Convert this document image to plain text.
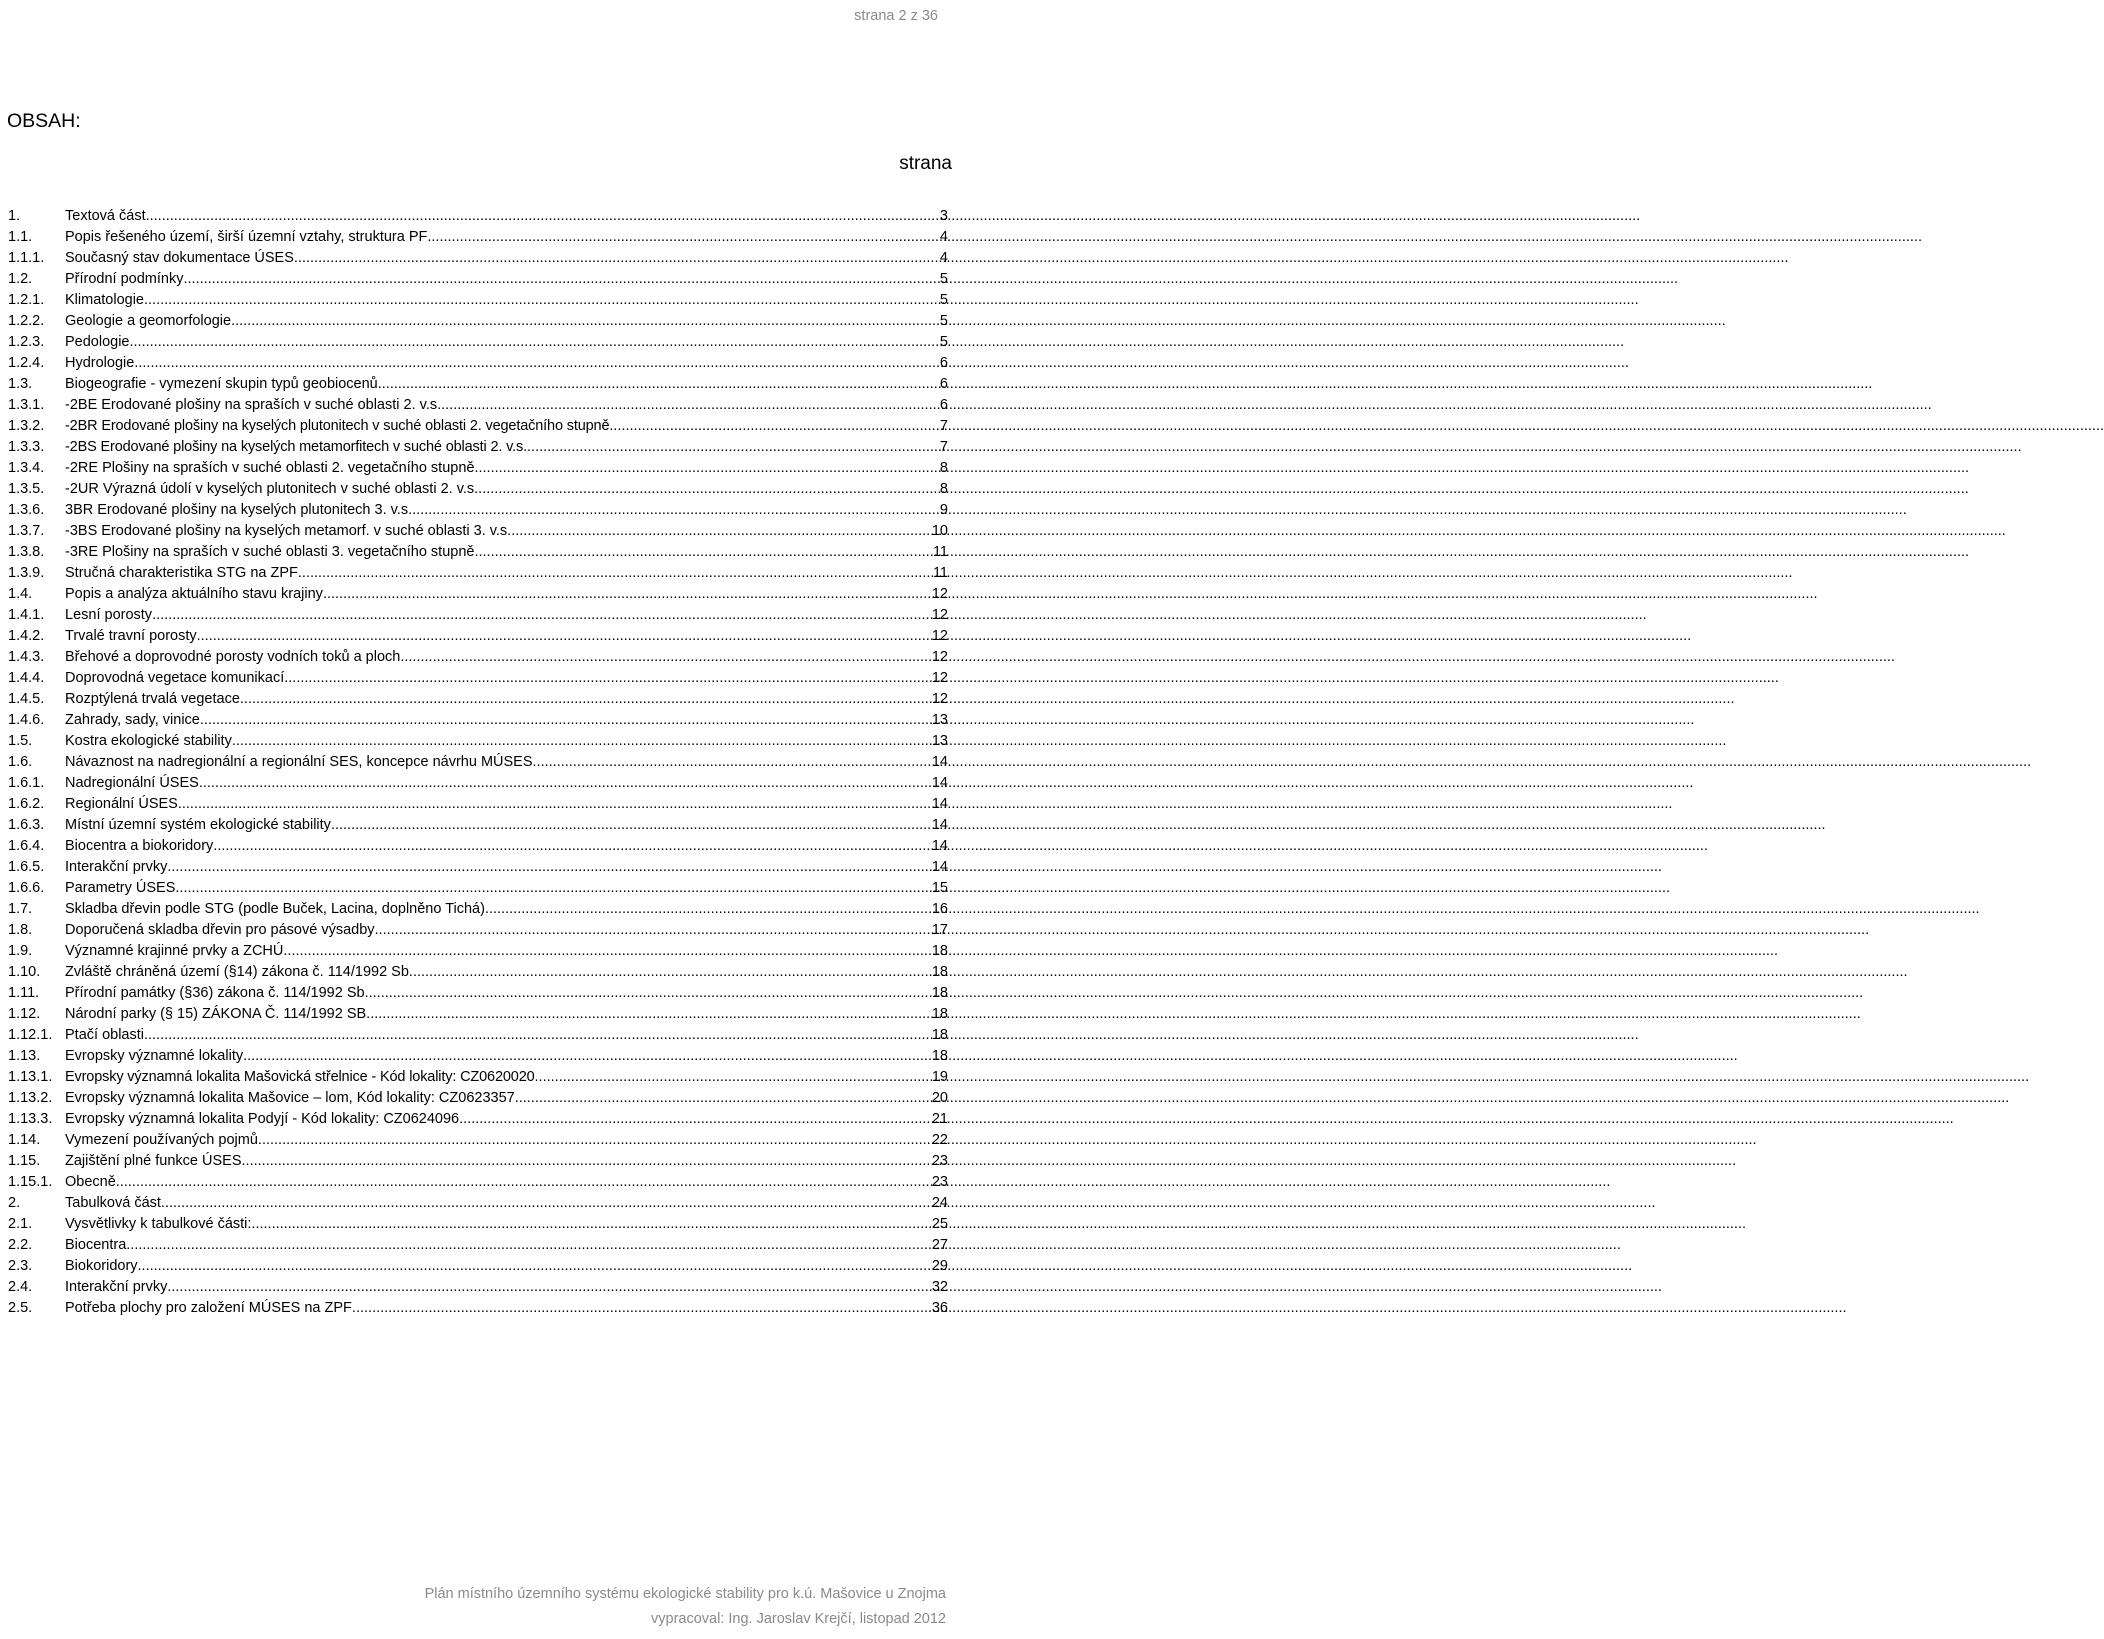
strana 2 z 36
OBSAH:
strana
1.	Textová část .....	3
1.1.	Popis řešeného území, širší územní vztahy, struktura PF .....	4
1.1.1.	Současný stav dokumentace ÚSES .....	4
1.2.	Přírodní podmínky .....	5
1.2.1.	Klimatologie .....	5
1.2.2.	Geologie a geomorfologie .....	5
1.2.3.	Pedologie .....	5
1.2.4.	Hydrologie .....	6
1.3.	Biogeografie - vymezení skupin typů geobiocenů .....	6
1.3.1.	-2BE Erodované plošiny na spraších v suché oblasti 2. v.s .....	6
1.3.2.	-2BR Erodované plošiny na kyselých plutonitech v suché oblasti 2. vegetačního stupně .....	7
1.3.3.	-2BS Erodované plošiny na kyselých metamorfitech v suché oblasti 2. v.s. .....	7
1.3.4.	-2RE Plošiny na spraších v suché oblasti 2. vegetačního stupně .....	8
1.3.5.	-2UR Výrazná údolí v kyselých plutonitech v suché oblasti 2. v.s .....	8
1.3.6.	3BR Erodované plošiny na kyselých plutonitech 3. v.s. .....	9
1.3.7.	-3BS Erodované plošiny na kyselých metamorf. v suché oblasti 3. v.s. .....	10
1.3.8.	-3RE Plošiny na spraších v suché oblasti 3. vegetačního stupně .....	11
1.3.9.	Stručná charakteristika STG na ZPF .....	11
1.4.	Popis a analýza aktuálního stavu krajiny .....	12
1.4.1.	Lesní porosty .....	12
1.4.2.	Trvalé travní porosty .....	12
1.4.3.	Břehové a doprovodné porosty vodních toků a ploch .....	12
1.4.4.	Doprovodná vegetace komunikací .....	12
1.4.5.	Rozptýlená trvalá vegetace .....	12
1.4.6.	Zahrady, sady, vinice .....	13
1.5.	Kostra ekologické stability .....	13
1.6.	Návaznost na nadregionální a regionální SES, koncepce návrhu MÚSES. .....	14
1.6.1.	Nadregionální ÚSES .....	14
1.6.2.	Regionální ÚSES .....	14
1.6.3.	Místní územní systém ekologické stability .....	14
1.6.4.	Biocentra a biokoridory .....	14
1.6.5.	Interakční prvky .....	14
1.6.6.	Parametry ÚSES .....	15
1.7.	Skladba dřevin podle STG (podle Buček, Lacina, doplněno Tichá) .....	16
1.8.	Doporučená skladba dřevin pro pásové výsadby .....	17
1.9.	Významné krajinné prvky a ZCHÚ .....	18
1.10.	Zvláště chráněná území (§14) zákona č. 114/1992 Sb. .....	18
1.11.	Přírodní památky (§36) zákona č. 114/1992 Sb. .....	18
1.12.	Národní parky (§ 15) ZÁKONA Č. 114/1992 SB .....	18
1.12.1. Ptačí oblasti .....	18
1.13.	Evropsky významné lokality .....	18
1.13.1. Evropsky významná lokalita Mašovická střelnice - Kód lokality: CZ0620020 .....	19
1.13.2. Evropsky významná lokalita Mašovice – lom, Kód lokality: CZ0623357 .....	20
1.13.3. Evropsky významná lokalita Podyjí - Kód lokality: CZ0624096 .....	21
1.14.	Vymezení používaných pojmů. .....	22
1.15.	Zajištění plné funkce ÚSES .....	23
1.15.1. Obecně .....	23
2.	Tabulková část .....	24
2.1.	Vysvětlivky k tabulkové části: .....	25
2.2.	Biocentra .....	27
2.3.	Biokoridory .....	29
2.4.	Interakční prvky .....	32
2.5.	Potřeba plochy pro založení MÚSES na ZPF .....	36
Plán místního územního systému ekologické stability pro k.ú. Mašovice u Znojma
vypracoval: Ing. Jaroslav Krejčí, listopad 2012
